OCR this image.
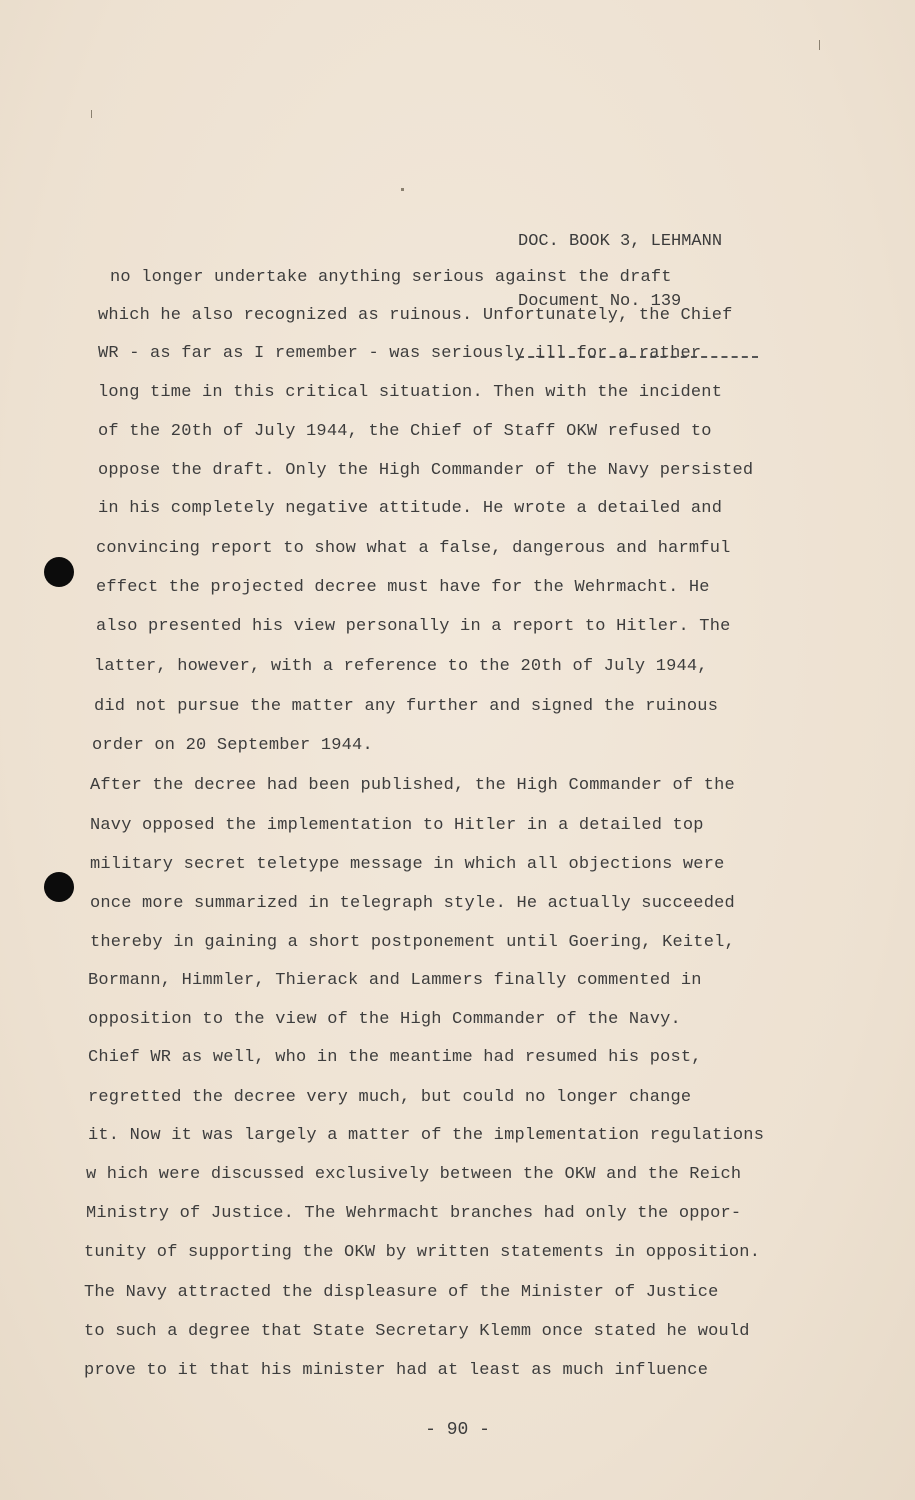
DOC. BOOK 3, LEHMANN

Document No. 139

no longer undertake anything serious against the draft
which he also recognized as ruinous. Unfortunately, the Chief
WR - as far as I remember - was seriously ill for a rather
long time in this critical situation. Then with the incident
of the 20th of July 1944, the Chief of Staff OKW refused to
oppose the draft. Only the High Commander of the Navy persisted
in his completely negative attitude. He wrote a detailed and
convincing report to show what a false, dangerous and harmful
effect the projected decree must have for the Wehrmacht. He
also presented his view personally in a report to Hitler. The
latter, however, with a reference to the 20th of July 1944,
did not pursue the matter any further and signed the ruinous
order on 20 September 1944.
After the decree had been published, the High Commander of the
Navy opposed the implementation to Hitler in a detailed top
military secret teletype message in which all objections were
once more summarized in telegraph style. He actually succeeded
thereby in gaining a short postponement until Goering, Keitel,
Bormann, Himmler, Thierack and Lammers finally commented in
opposition to the view of the High Commander of the Navy.
Chief WR as well, who in the meantime had resumed his post,
regretted the decree very much, but could no longer change
it. Now it was largely a matter of the implementation regulations
w hich were discussed exclusively between the OKW and the Reich
Ministry of Justice. The Wehrmacht branches had only the oppor-
tunity of supporting the OKW by written statements in opposition.
The Navy attracted the displeasure of the Minister of Justice
to such a degree that State Secretary Klemm once stated he would
prove to it that his minister had at least as much influence
- 90 -
